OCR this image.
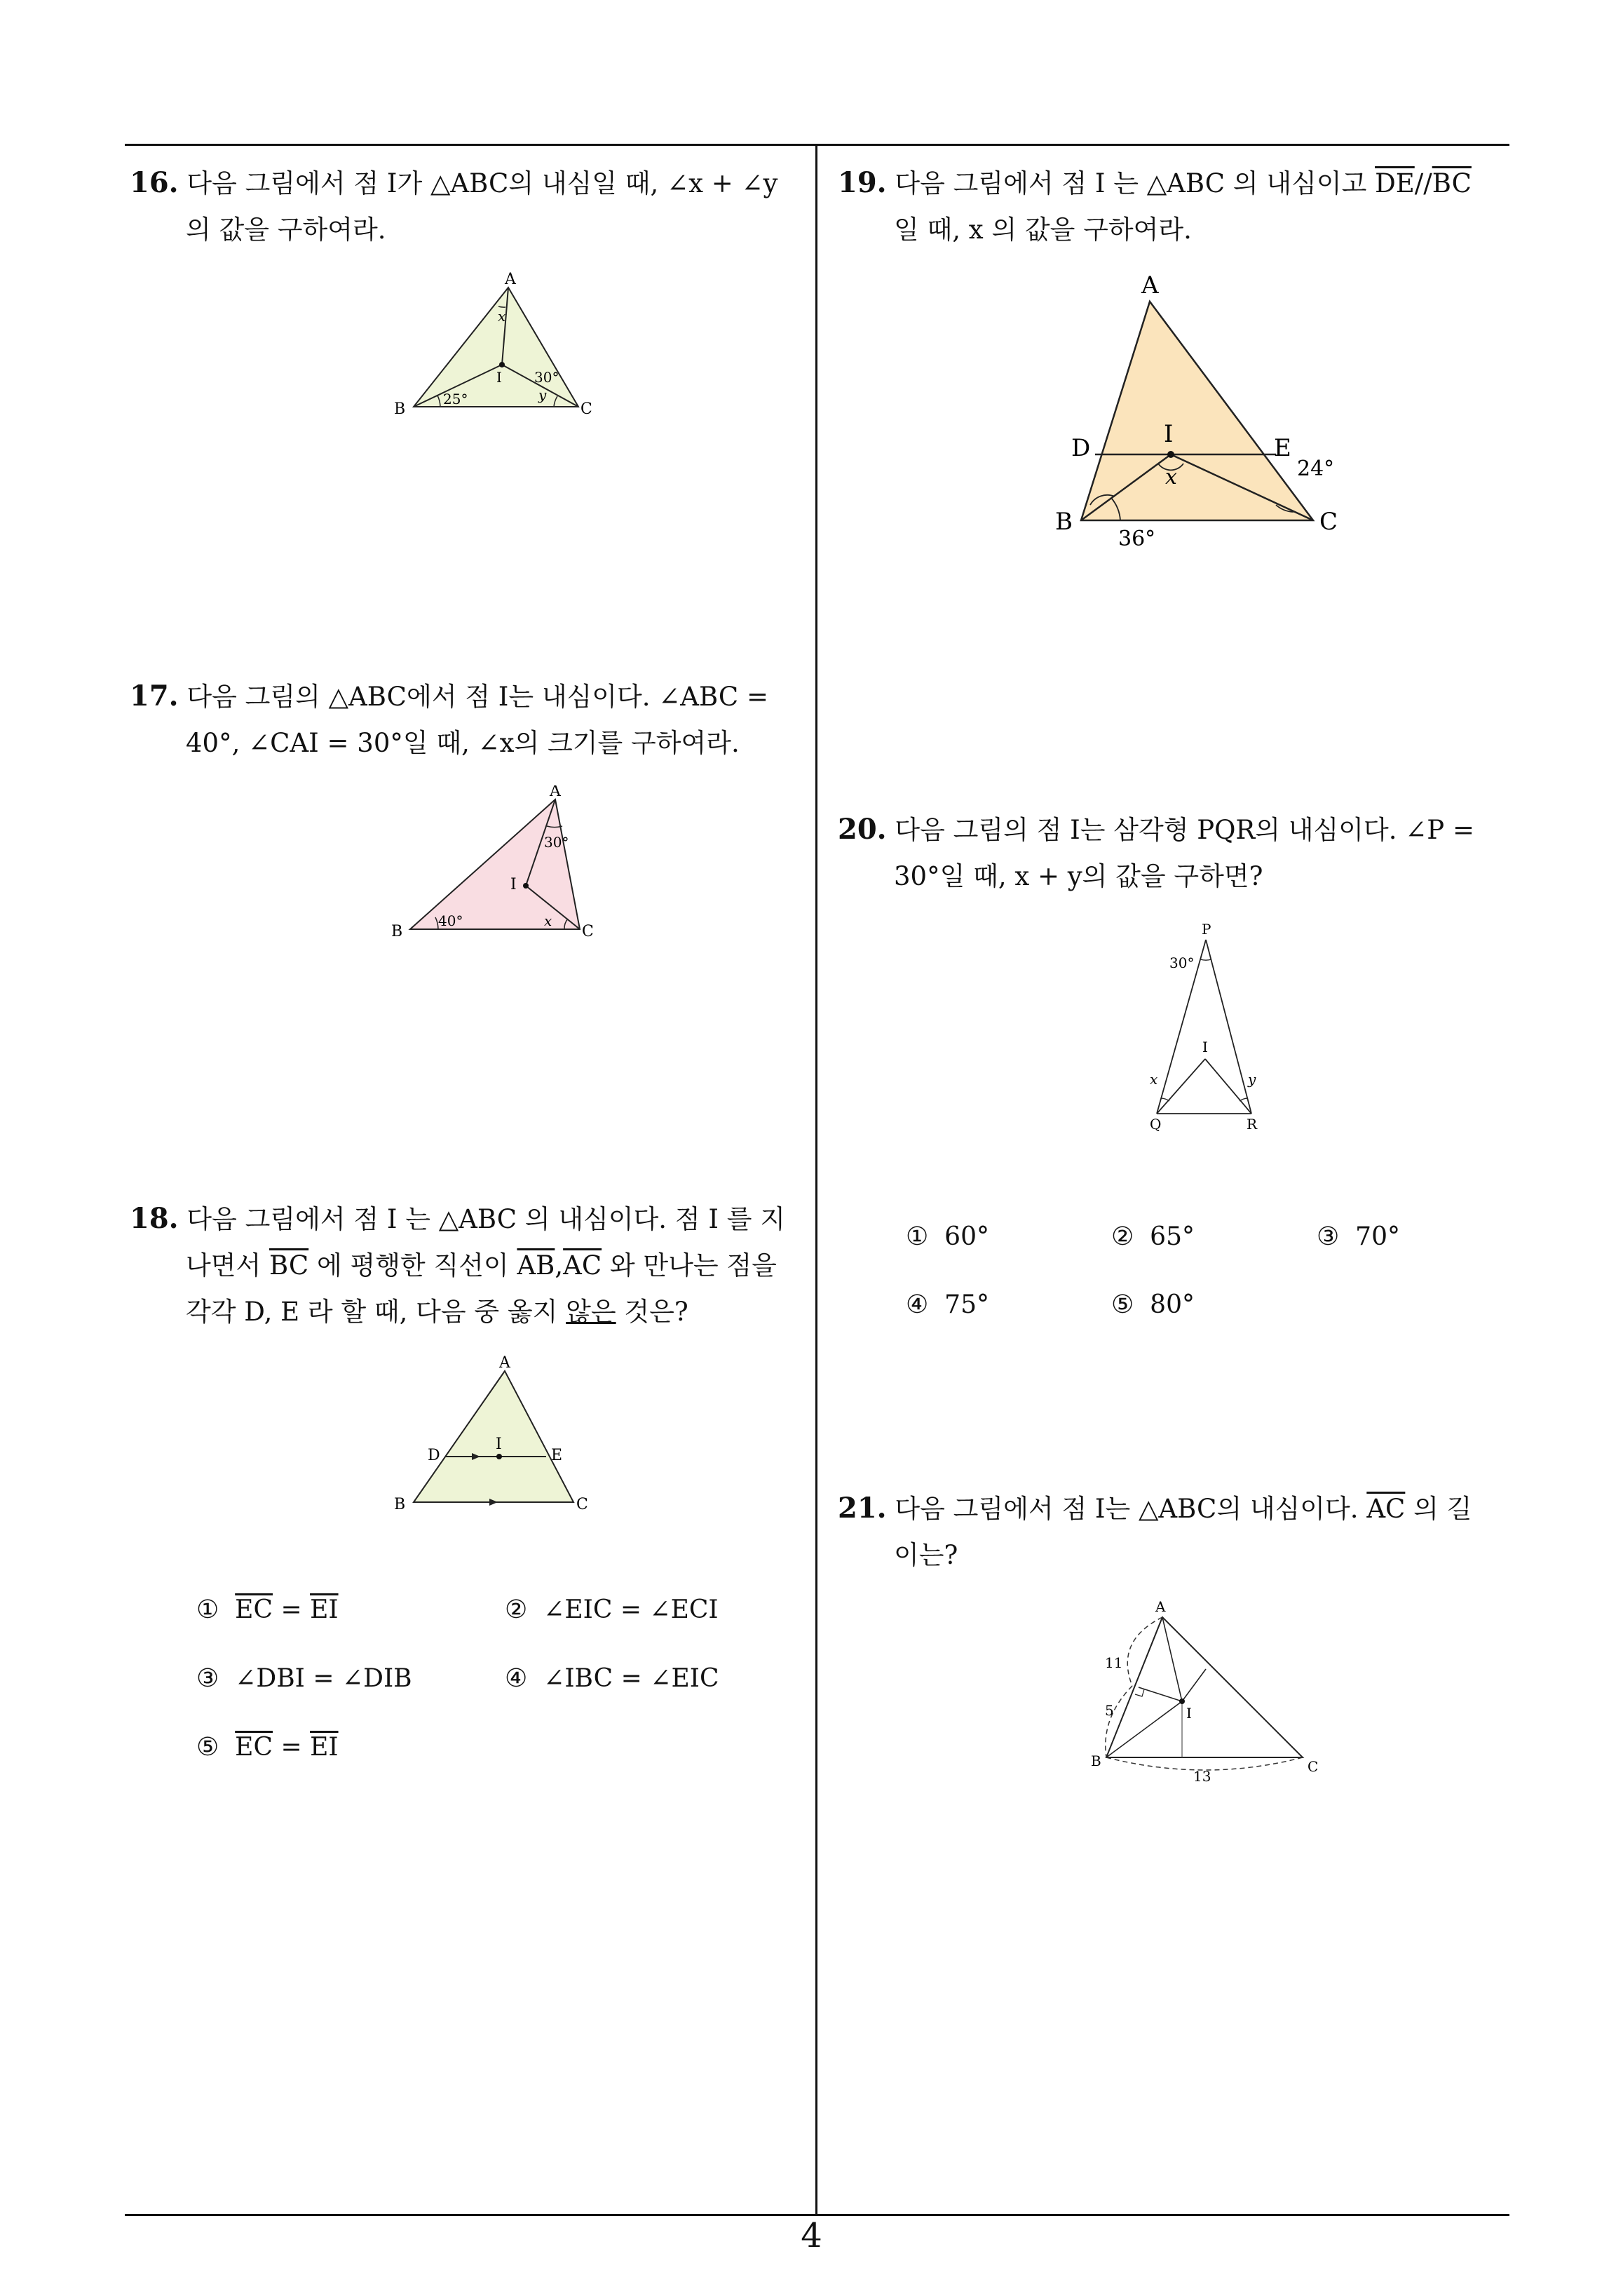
16. 다음 그림에서 점 I가 △ABC의 내심일 때, ∠x + ∠y
의 값을 구하여라.
A
B	C
I
x
y
30°
25°
17. 다음 그림의 △ABC에서 점 I는 내심이다. ∠ABC =
40°, ∠CAI = 30°일 때, ∠x의 크기를 구하여라.
A
B	C
I
x
30°
40°
18. 다음 그림에서 점 I 는 △ABC 의 내심이다. 점 I 를 지
나면서 $\overline{BC}$ 에 평행한 직선이 $\overline{AB},\overline{AC}$ 와 만나는 점을
각각 D, E 라 할 때, 다음 중 옳지 않은 것은?
A
B	C
D	E
I
① $\overline{EC} = \overline{EI}$	② ∠EIC = ∠ECI
③ ∠DBI = ∠DIB	④ ∠IBC = ∠EIC
⑤ $\overline{EC} = \overline{EI}$
19. 다음 그림에서 점 I 는 △ABC 의 내심이고 $\overline{DE}//\overline{BC}$
일 때, x 의 값을 구하여라.
A
B	C
D	E
I
x	24°
36°
20. 다음 그림의 점 I는 삼각형 PQR의 내심이다. ∠P =
30°일 때, x + y의 값을 구하면?
P
Q	R
I
x	y
30°
① 60°	② 65°	③ 70°
④ 75°	⑤ 80°
21. 다음 그림에서 점 I는 △ABC의 내심이다. $\overline{AC}$ 의 길
이는?
A
B	C
I
11
5
13
4
